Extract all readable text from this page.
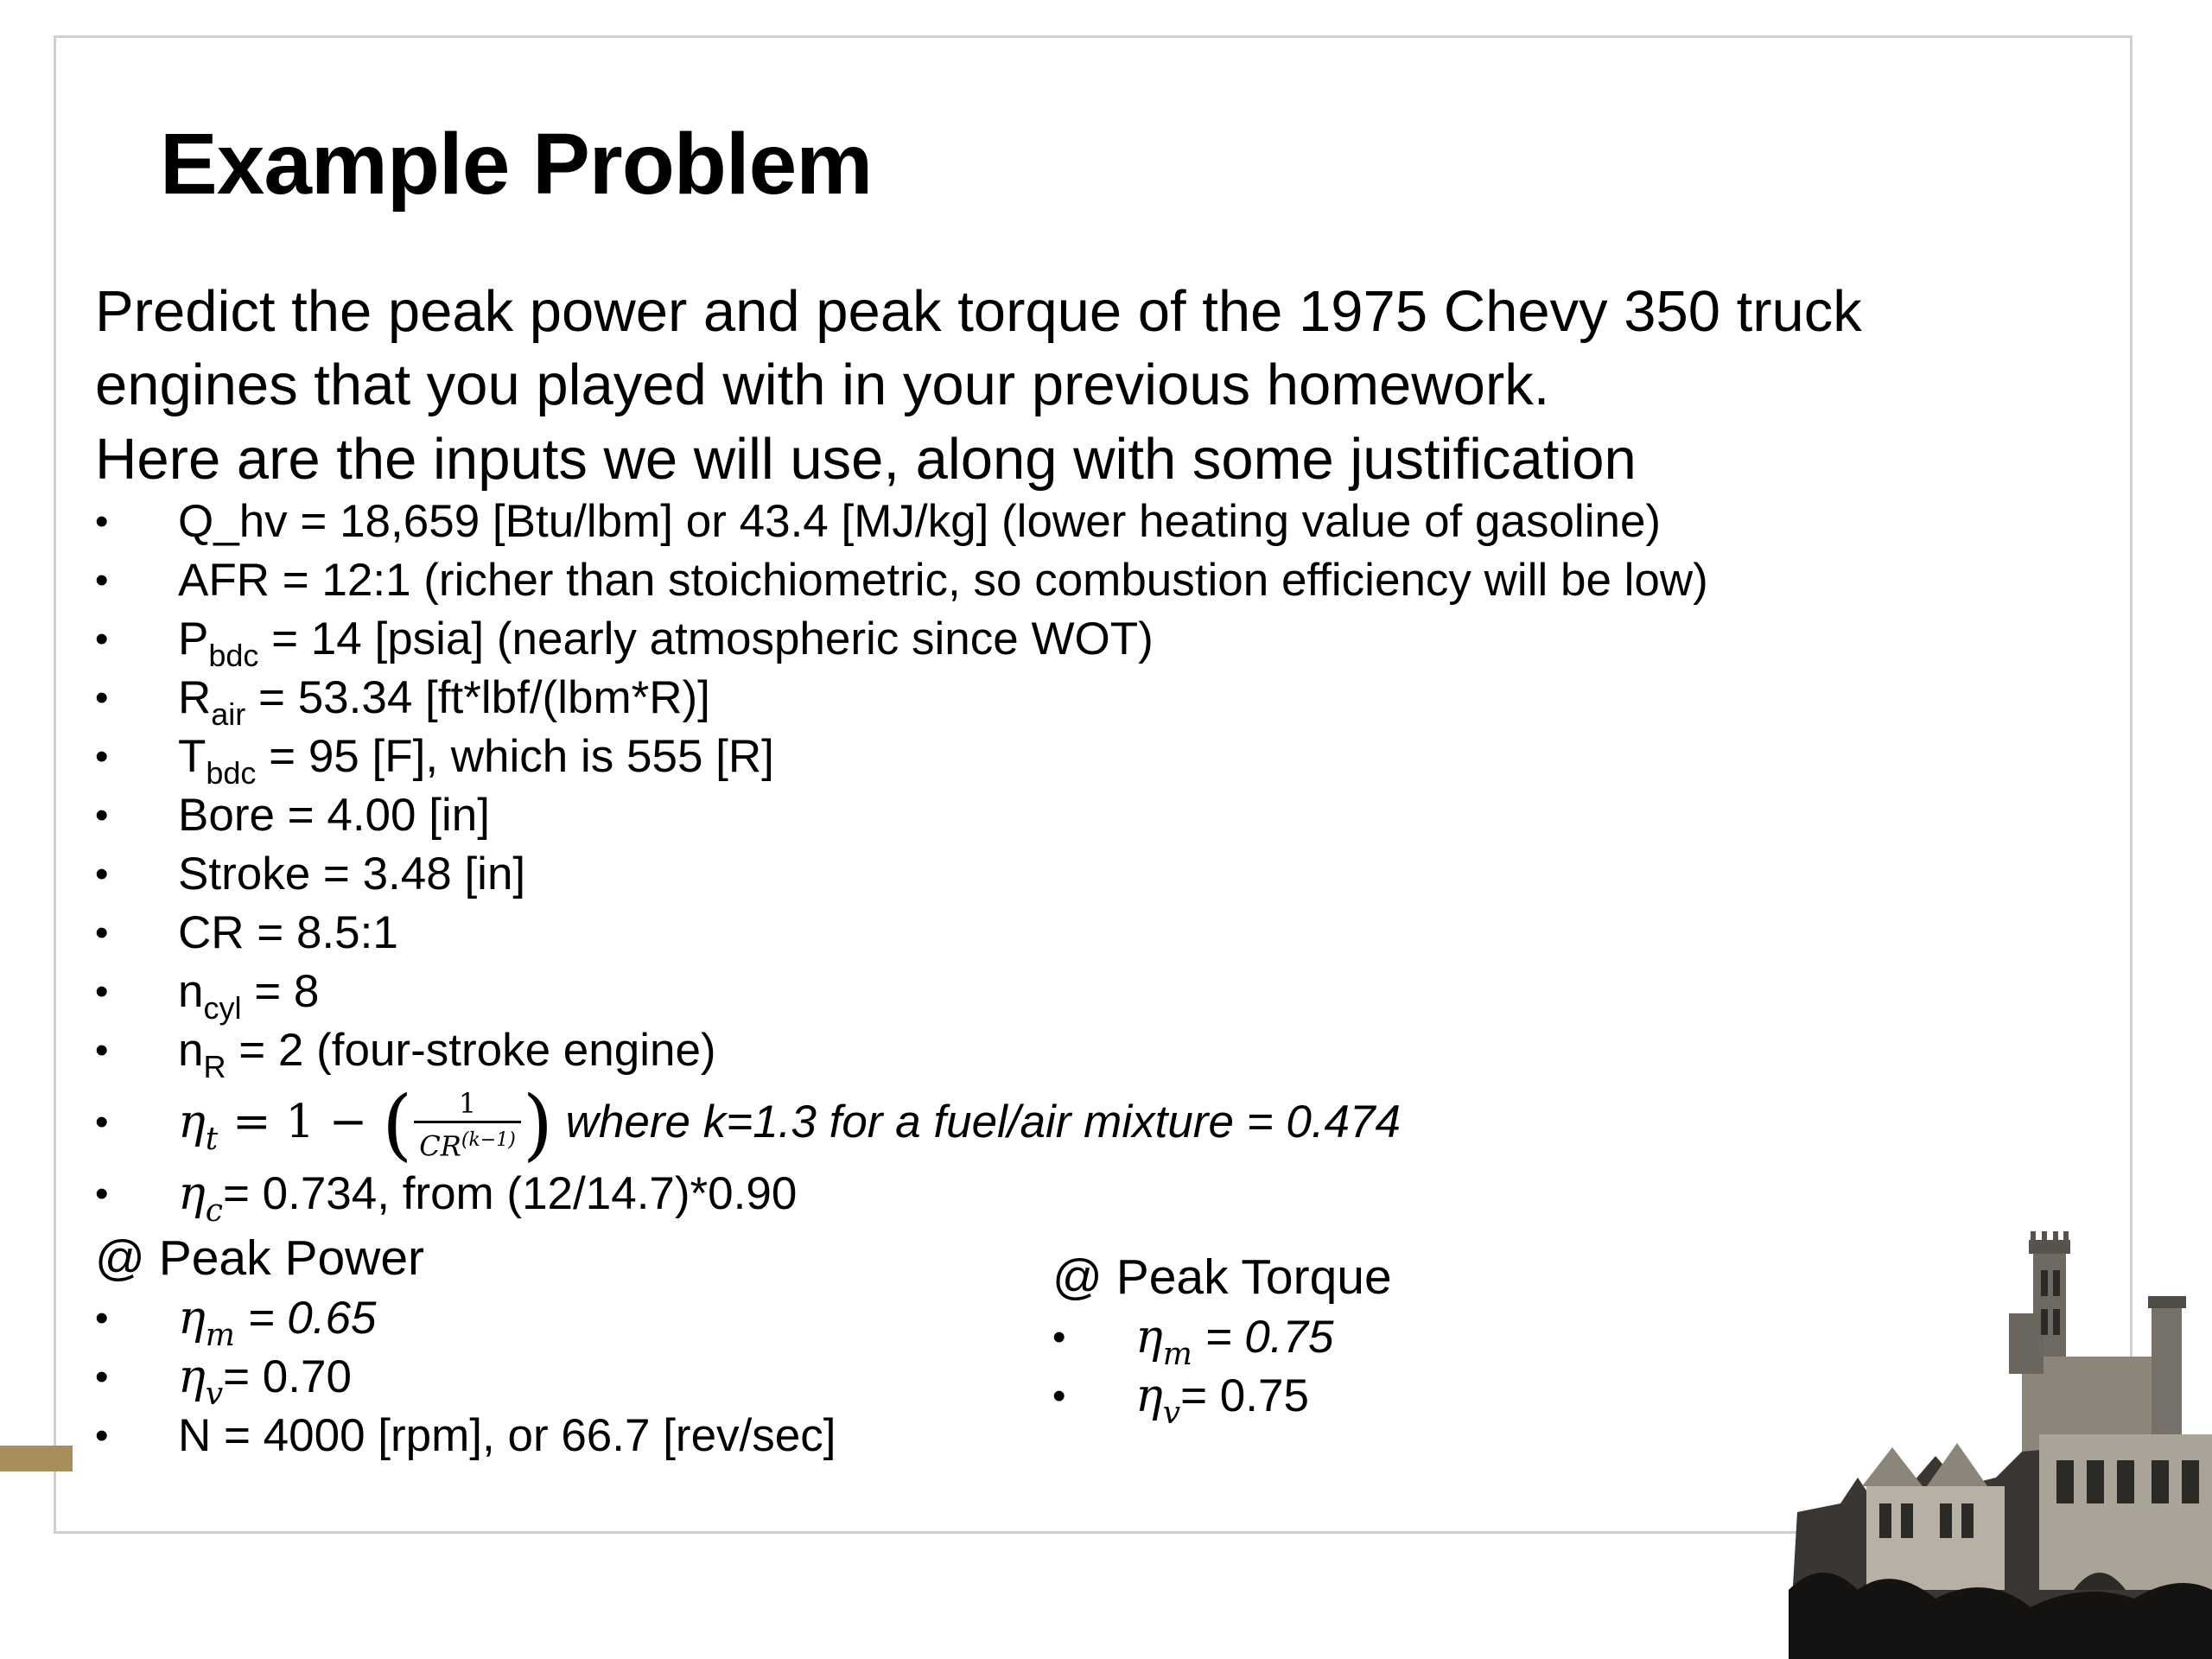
Example Problem
Predict the peak power and peak torque of the 1975 Chevy 350 truck
engines that you played with in your previous homework.
Here are the inputs we will use, along with some justification
•	Q_hv = 18,659 [Btu/lbm] or 43.4 [MJ/kg] (lower heating value of gasoline)
•	AFR = 12:1 (richer than stoichiometric, so combustion efficiency will be low)
•	$P_{bdc} = 14$ [psia] (nearly atmospheric since WOT)
•	$R_{air} = 53.34$ [ft*lbf/(lbm*R)]
•	$T_{bdc} = 95$ [F], which is 555 [R]
•	Bore = 4.00 [in]
•	Stroke = 3.48 [in]
•	CR = 8.5:1
•	$n_{cyl} = 8$
•	$n_R = 2$ (four-stroke engine)
•	$\eta_t = 1$ − ( $\frac{1}{CR^{(k-1)}}$ ) where k=1.3 for a fuel/air mixture = 0.474
•	$\eta_c= 0.734$, from (12/14.7)*0.90
@ Peak Power
•	$\eta_m = 0.65$
•	$\eta_v= 0.70$
•	N = 4000 [rpm], or 66.7 [rev/sec]
@ Peak Torque
•	$\eta_m = 0.75$
•	$\eta_v= 0.75$
